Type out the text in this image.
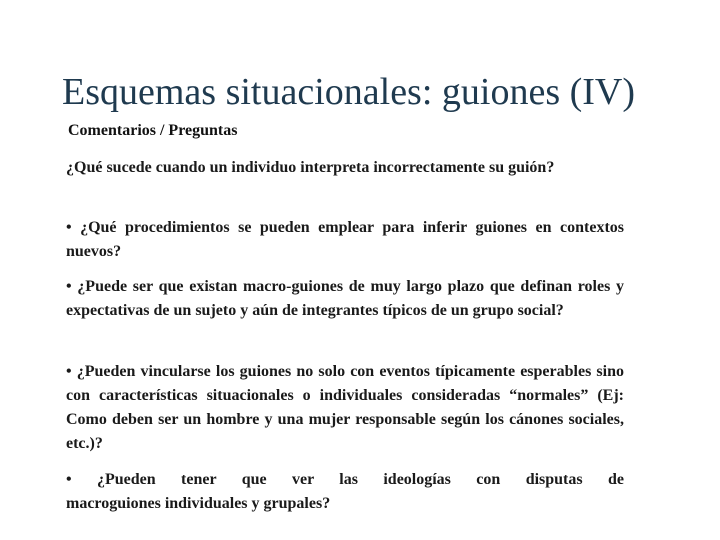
Esquemas situacionales: guiones (IV)
Comentarios / Preguntas
¿Qué sucede cuando un individuo interpreta incorrectamente su guión?
• ¿Qué procedimientos se pueden emplear para inferir guiones en contextos nuevos?
• ¿Puede ser que existan macro-guiones de muy largo plazo que definan roles y expectativas de un sujeto y aún de integrantes típicos de un grupo social?
• ¿Pueden vincularse los guiones no solo con eventos típicamente esperables sino con características situacionales o individuales consideradas “normales” (Ej: Como deben ser un hombre y una mujer responsable según los cánones sociales, etc.)?
• ¿Pueden tener que ver las ideologías con disputas de
macroguiones individuales y grupales?
